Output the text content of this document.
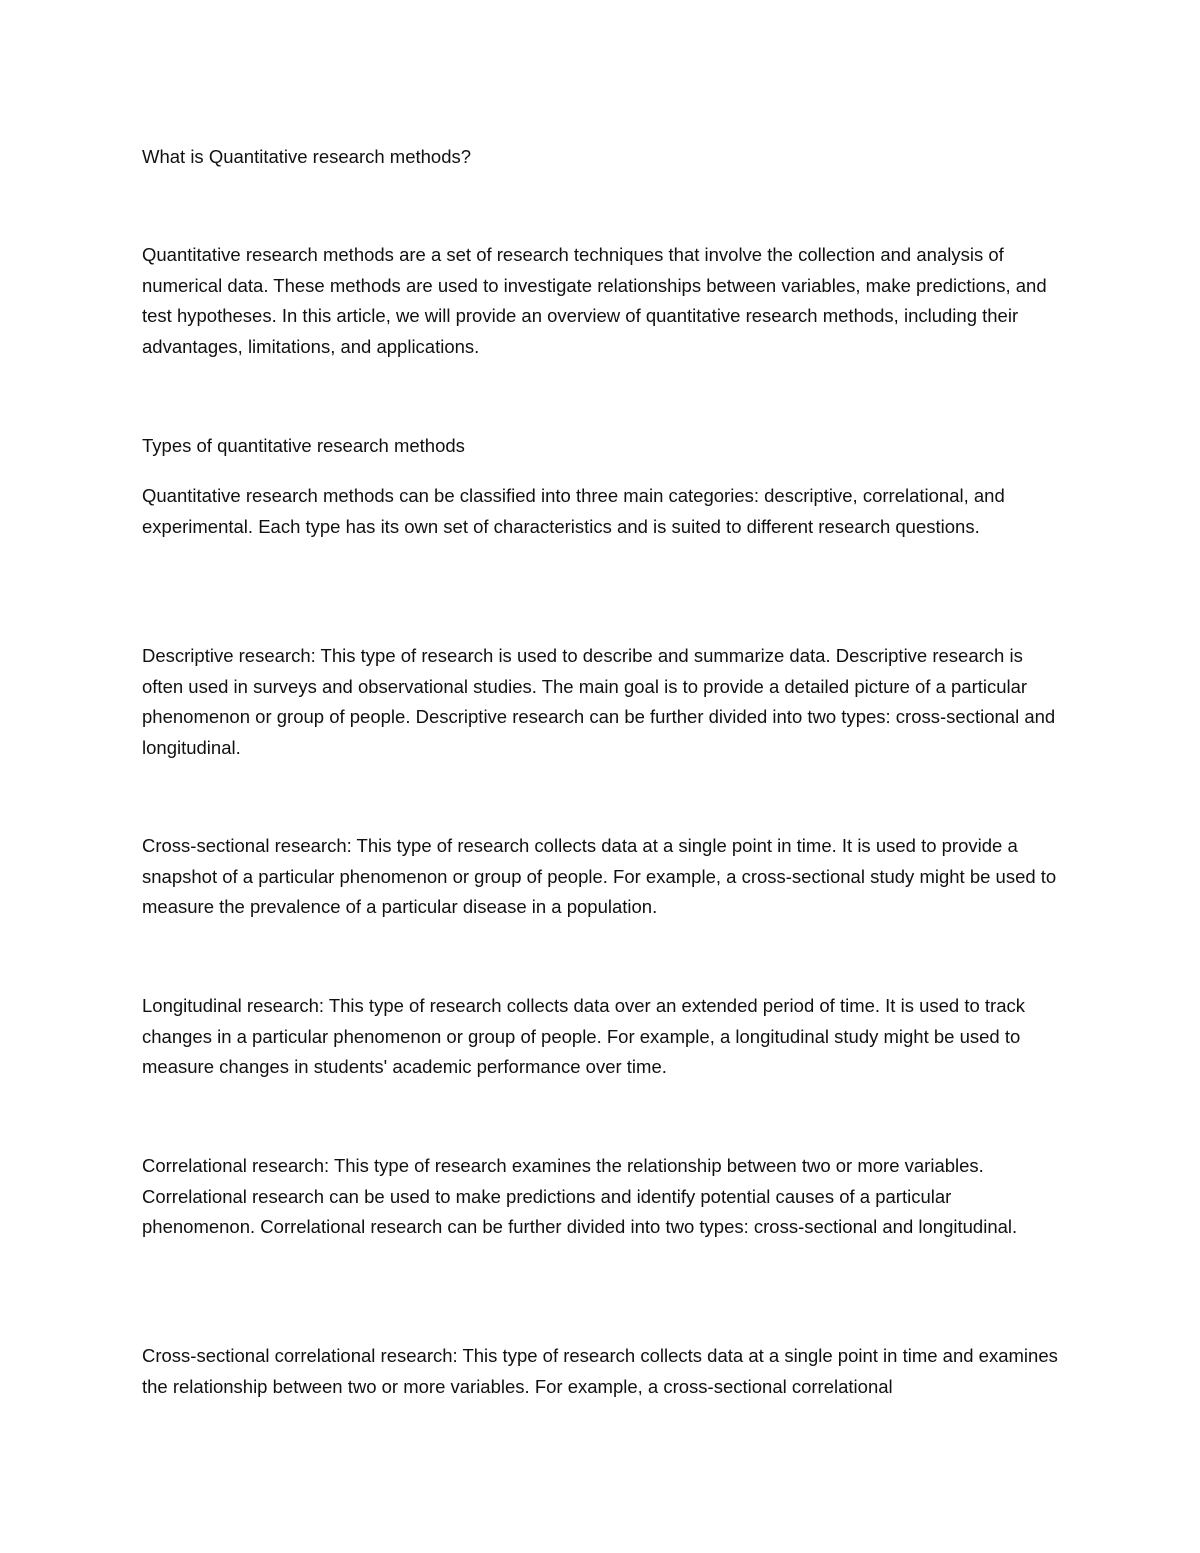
What is Quantitative research methods?

Quantitative research methods are a set of research techniques that involve the collection and analysis of numerical data. These methods are used to investigate relationships between variables, make predictions, and test hypotheses. In this article, we will provide an overview of quantitative research methods, including their advantages, limitations, and applications.

Types of quantitative research methods

Quantitative research methods can be classified into three main categories: descriptive, correlational, and experimental. Each type has its own set of characteristics and is suited to different research questions.

Descriptive research: This type of research is used to describe and summarize data. Descriptive research is often used in surveys and observational studies. The main goal is to provide a detailed picture of a particular phenomenon or group of people. Descriptive research can be further divided into two types: cross-sectional and longitudinal.

Cross-sectional research: This type of research collects data at a single point in time. It is used to provide a snapshot of a particular phenomenon or group of people. For example, a cross-sectional study might be used to measure the prevalence of a particular disease in a population.

Longitudinal research: This type of research collects data over an extended period of time. It is used to track changes in a particular phenomenon or group of people. For example, a longitudinal study might be used to measure changes in students' academic performance over time.

Correlational research: This type of research examines the relationship between two or more variables. Correlational research can be used to make predictions and identify potential causes of a particular phenomenon. Correlational research can be further divided into two types: cross-sectional and longitudinal.

Cross-sectional correlational research: This type of research collects data at a single point in time and examines the relationship between two or more variables. For example, a cross-sectional correlational
